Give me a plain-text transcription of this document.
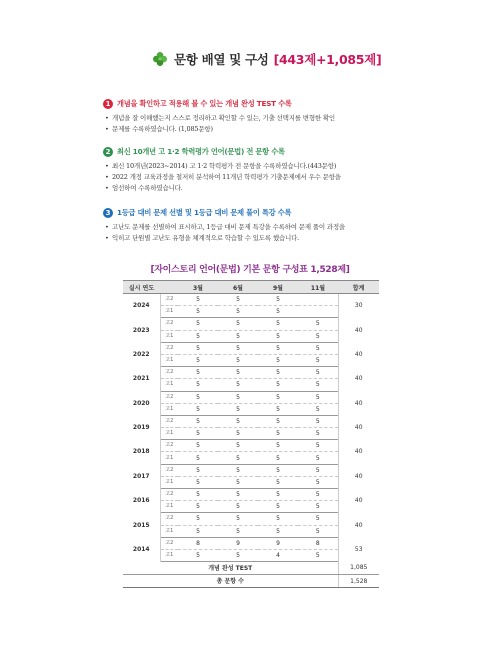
문항 배열 및 구성 [443제+1,085제]
1 개념을 확인하고 적용해 볼 수 있는 개념 완성 TEST 수록
• 개념을 잘 이해했는지 스스로 정리하고 확인할 수 있는, 기출 선택지를 변형한 확인
• 문제를 수록하였습니다. (1,085문항)
2 최신 10개년 고 1·2 학력평가 언어(문법) 전 문항 수록
• 최신 10개년(2023~2014) 고 1·2 학력평가 전 문항을 수록하였습니다.(443문항)
• 2022 개정 교육과정을 철저히 분석하여 11개년 학력평가 기출문제에서 우수 문항을
• 엄선하여 수록하였습니다.
3 1등급 대비 문제 선별 및 1등급 대비 문제 풀이 특강 수록
• 고난도 문제를 선별하여 표시하고, 1등급 대비 문제 특강을 수록하여 문제 풀이 과정을
• 익히고 단원별 고난도 유형을 체계적으로 학습할 수 있도록 했습니다.
[자이스토리 언어(문법) 기본 문항 구성표 1,528제]
실시 연도		3월	6월	9월	11월	합계
2024	고2	5	5	5		30
	고1	5	5	5		
2023	고2	5	5	5	5	40
	고1	5	5	5	5	
2022	고2	5	5	5	5	40
	고1	5	5	5	5	
2021	고2	5	5	5	5	40
	고1	5	5	5	5	
2020	고2	5	5	5	5	40
	고1	5	5	5	5	
2019	고2	5	5	5	5	40
	고1	5	5	5	5	
2018	고2	5	5	5	5	40
	고1	5	5	5	5	
2017	고2	5	5	5	5	40
	고1	5	5	5	5	
2016	고2	5	5	5	5	40
	고1	5	5	5	5	
2015	고2	5	5	5	5	40
	고1	5	5	5	5	
2014	고2	8	9	9	8	53
	고1	5	5	4	5	
개념 완성 TEST						1,085
총 문항 수						1,528
